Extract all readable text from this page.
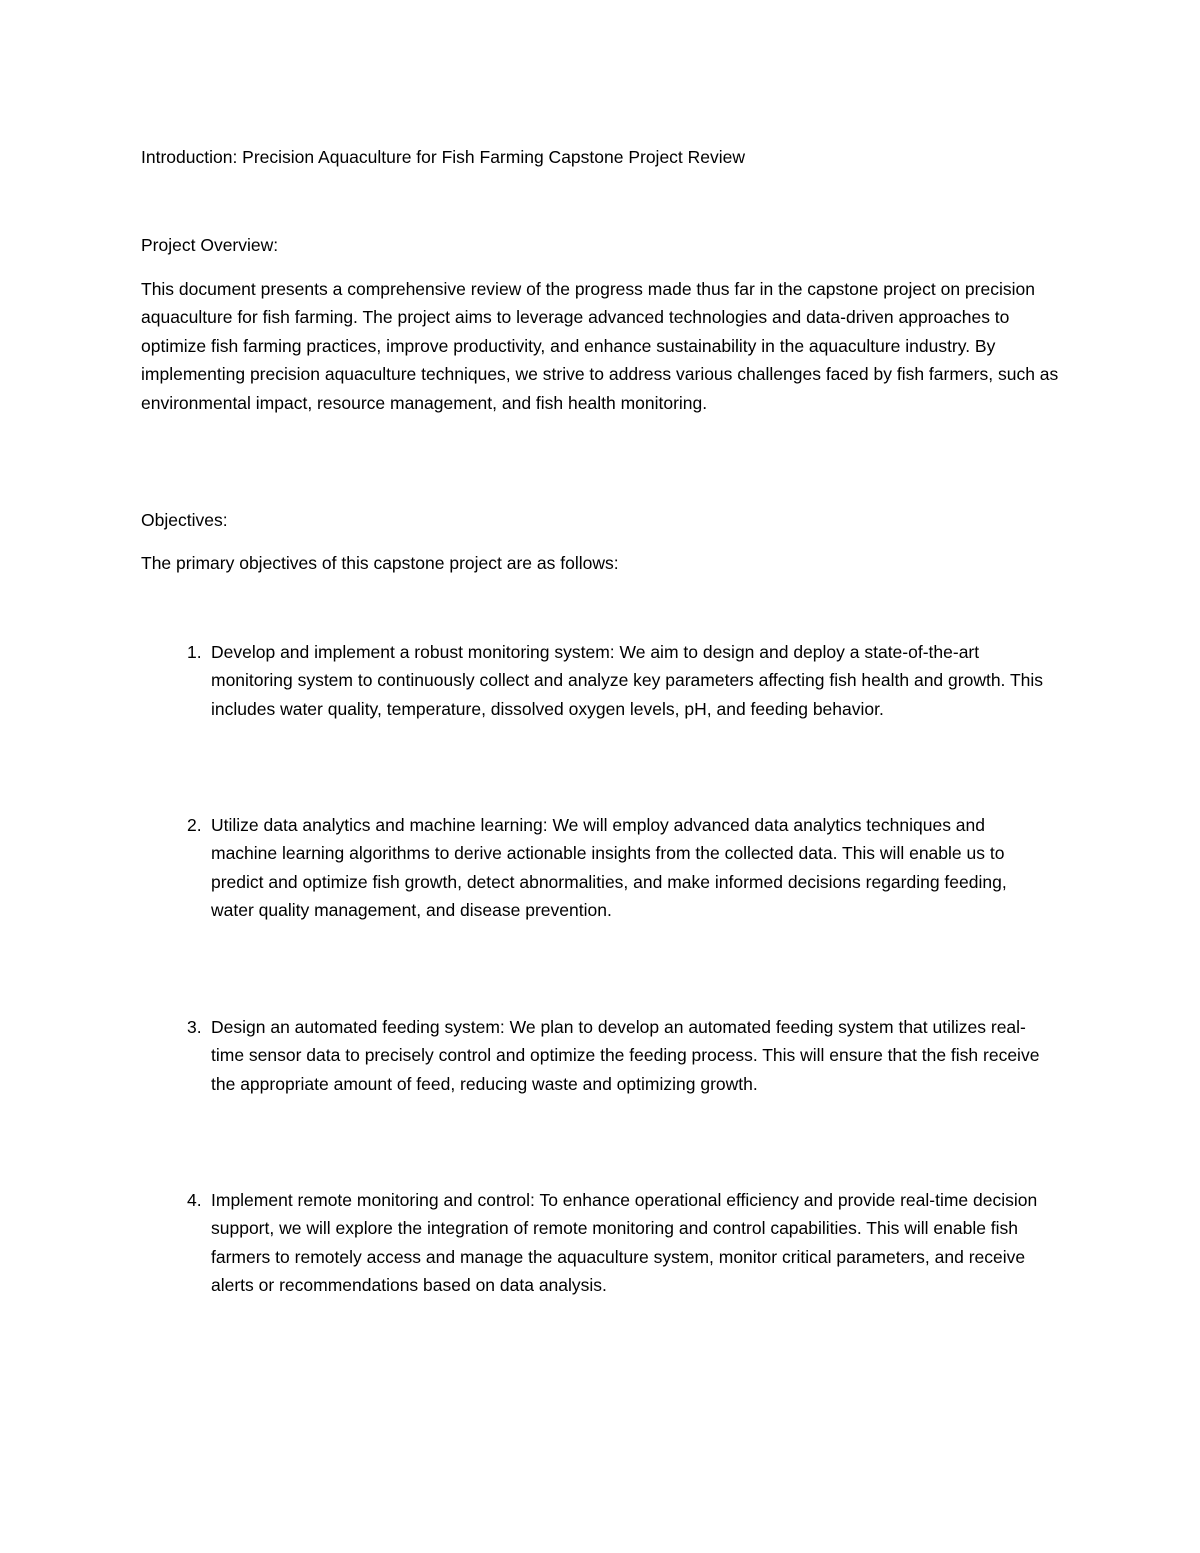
Introduction: Precision Aquaculture for Fish Farming Capstone Project Review

Project Overview:

This document presents a comprehensive review of the progress made thus far in the capstone project on precision aquaculture for fish farming. The project aims to leverage advanced technologies and data-driven approaches to optimize fish farming practices, improve productivity, and enhance sustainability in the aquaculture industry. By implementing precision aquaculture techniques, we strive to address various challenges faced by fish farmers, such as environmental impact, resource management, and fish health monitoring.

Objectives:

The primary objectives of this capstone project are as follows:

1. Develop and implement a robust monitoring system: We aim to design and deploy a state-of-the-art monitoring system to continuously collect and analyze key parameters affecting fish health and growth. This includes water quality, temperature, dissolved oxygen levels, pH, and feeding behavior.
2. Utilize data analytics and machine learning: We will employ advanced data analytics techniques and machine learning algorithms to derive actionable insights from the collected data. This will enable us to predict and optimize fish growth, detect abnormalities, and make informed decisions regarding feeding, water quality management, and disease prevention.
3. Design an automated feeding system: We plan to develop an automated feeding system that utilizes real-time sensor data to precisely control and optimize the feeding process. This will ensure that the fish receive the appropriate amount of feed, reducing waste and optimizing growth.
4. Implement remote monitoring and control: To enhance operational efficiency and provide real-time decision support, we will explore the integration of remote monitoring and control capabilities. This will enable fish farmers to remotely access and manage the aquaculture system, monitor critical parameters, and receive alerts or recommendations based on data analysis.
